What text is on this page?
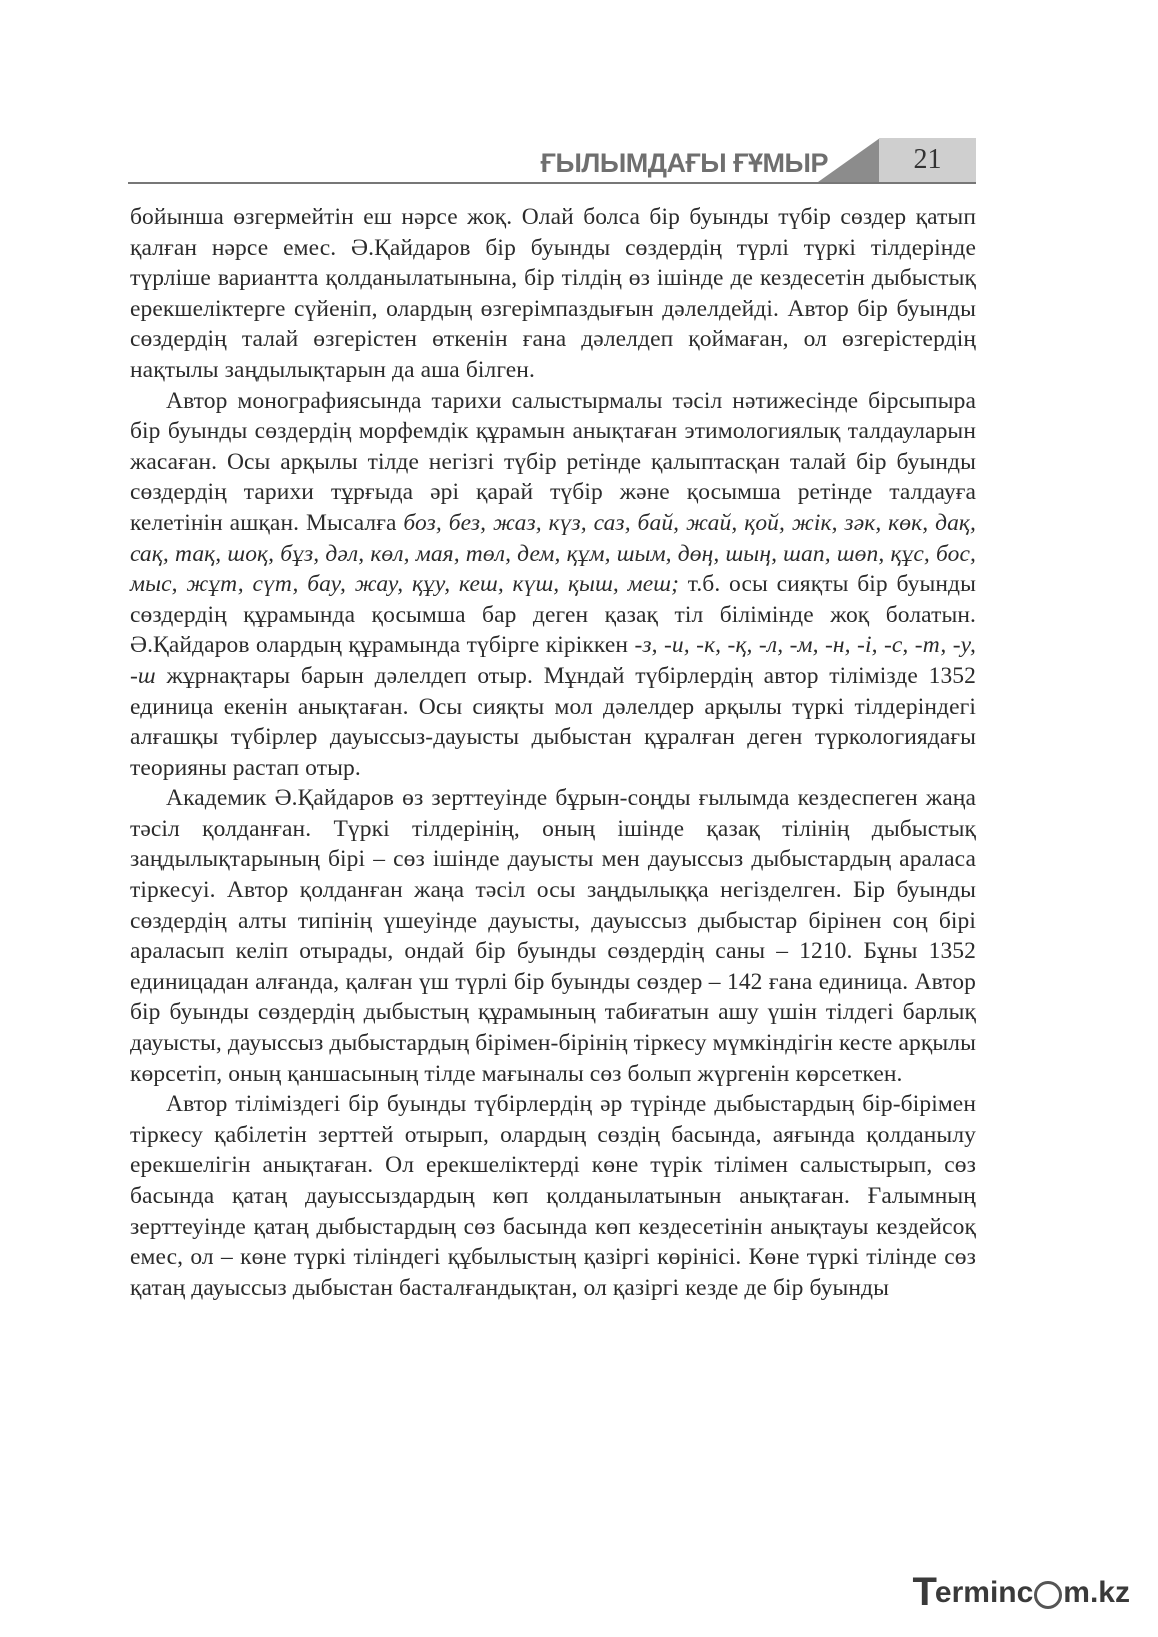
ҒЫЛЫМДАҒЫ ҒҰМЫР	21

бойынша өзгермейтін еш нәрсе жоқ. Олай болса бір буынды түбір сөздер қатып қалған нәрсе емес. Ә.Қайдаров бір буынды сөздердің түрлі түркі тілдерінде түрліше вариантта қолданылатынына, бір тілдің өз ішінде де кездесетін дыбыстық ерекшеліктерге сүйеніп, олардың өзгерімпаздығын дәлелдейді. Автор бір буынды сөздердің талай өзгерістен өткенін ғана дәлелдеп қоймаған, ол өзгерістердің нақтылы заңдылықтарын да аша білген.

Автор монографиясында тарихи салыстырмалы тәсіл нәтижесінде бірсыпыра бір буынды сөздердің морфемдік құрамын анықтаған этимологиялық талдауларын жасаған. Осы арқылы тілде негізгі түбір ретінде қалыптасқан талай бір буынды сөздердің тарихи тұрғыда әрі қарай түбір және қосымша ретінде талдауға келетінін ашқан. Мысалға боз, без, жаз, күз, саз, бай, жай, қой, жік, зәк, көк, дақ, сақ, тақ, шоқ, бұз, дәл, көл, мая, төл, дем, құм, шым, дөң, шың, шап, шөп, құс, бос, мыс, жұт, сүт, бау, жау, құу, кеш, күш, қыш, меш; т.б. осы сияқты бір буынды сөздердің құрамында қосымша бар деген қазақ тіл білімінде жоқ болатын. Ә.Қайдаров олардың құрамында түбірге кіріккен -з, -и, -к, -қ, -л, -м, -н, -і, -с, -т, -у, -ш жұрнақтары барын дәлелдеп отыр. Мұндай түбірлердің автор тілімізде 1352 единица екенін анықтаған. Осы сияқты мол дәлелдер арқылы түркі тілдеріндегі алғашқы түбірлер дауыссыз-дауысты дыбыстан құралған деген түркологиядағы теорияны растап отыр.

Академик Ә.Қайдаров өз зерттеуінде бұрын-соңды ғылымда кездеспеген жаңа тәсіл қолданған. Түркі тілдерінің, оның ішінде қазақ тілінің дыбыстық заңдылықтарының бірі – сөз ішінде дауысты мен дауыссыз дыбыстардың араласа тіркесуі. Автор қолданған жаңа тәсіл осы заңдылыққа негізделген. Бір буынды сөздердің алты типінің үшеуінде дауысты, дауыссыз дыбыстар бірінен соң бірі араласып келіп отырады, ондай бір буынды сөздердің саны – 1210. Бұны 1352 единицадан алғанда, қалған үш түрлі бір буынды сөздер – 142 ғана единица. Автор бір буынды сөздердің дыбыстың құрамының табиғатын ашу үшін тілдегі барлық дауысты, дауыссыз дыбыстардың бірімен-бірінің тіркесу мүмкіндігін кесте арқылы көрсетіп, оның қаншасының тілде мағыналы сөз болып жүргенін көрсеткен.

Автор тіліміздегі бір буынды түбірлердің әр түрінде дыбыстардың бір-бірімен тіркесу қабілетін зерттей отырып, олардың сөздің басында, аяғында қолданылу ерекшелігін анықтаған. Ол ерекшеліктерді көне түрік тілімен салыстырып, сөз басында қатаң дауыссыздардың көп қолданылатынын анықтаған. Ғалымның зерттеуінде қатаң дыбыстардың сөз басында көп кездесетінін анықтауы кездейсоқ емес, ол – көне түркі тіліндегі құбылыстың қазіргі көрінісі. Көне түркі тілінде сөз қатаң дауыссыз дыбыстан басталғандықтан, ол қазіргі кезде де бір буынды

T
erminc m.kz
